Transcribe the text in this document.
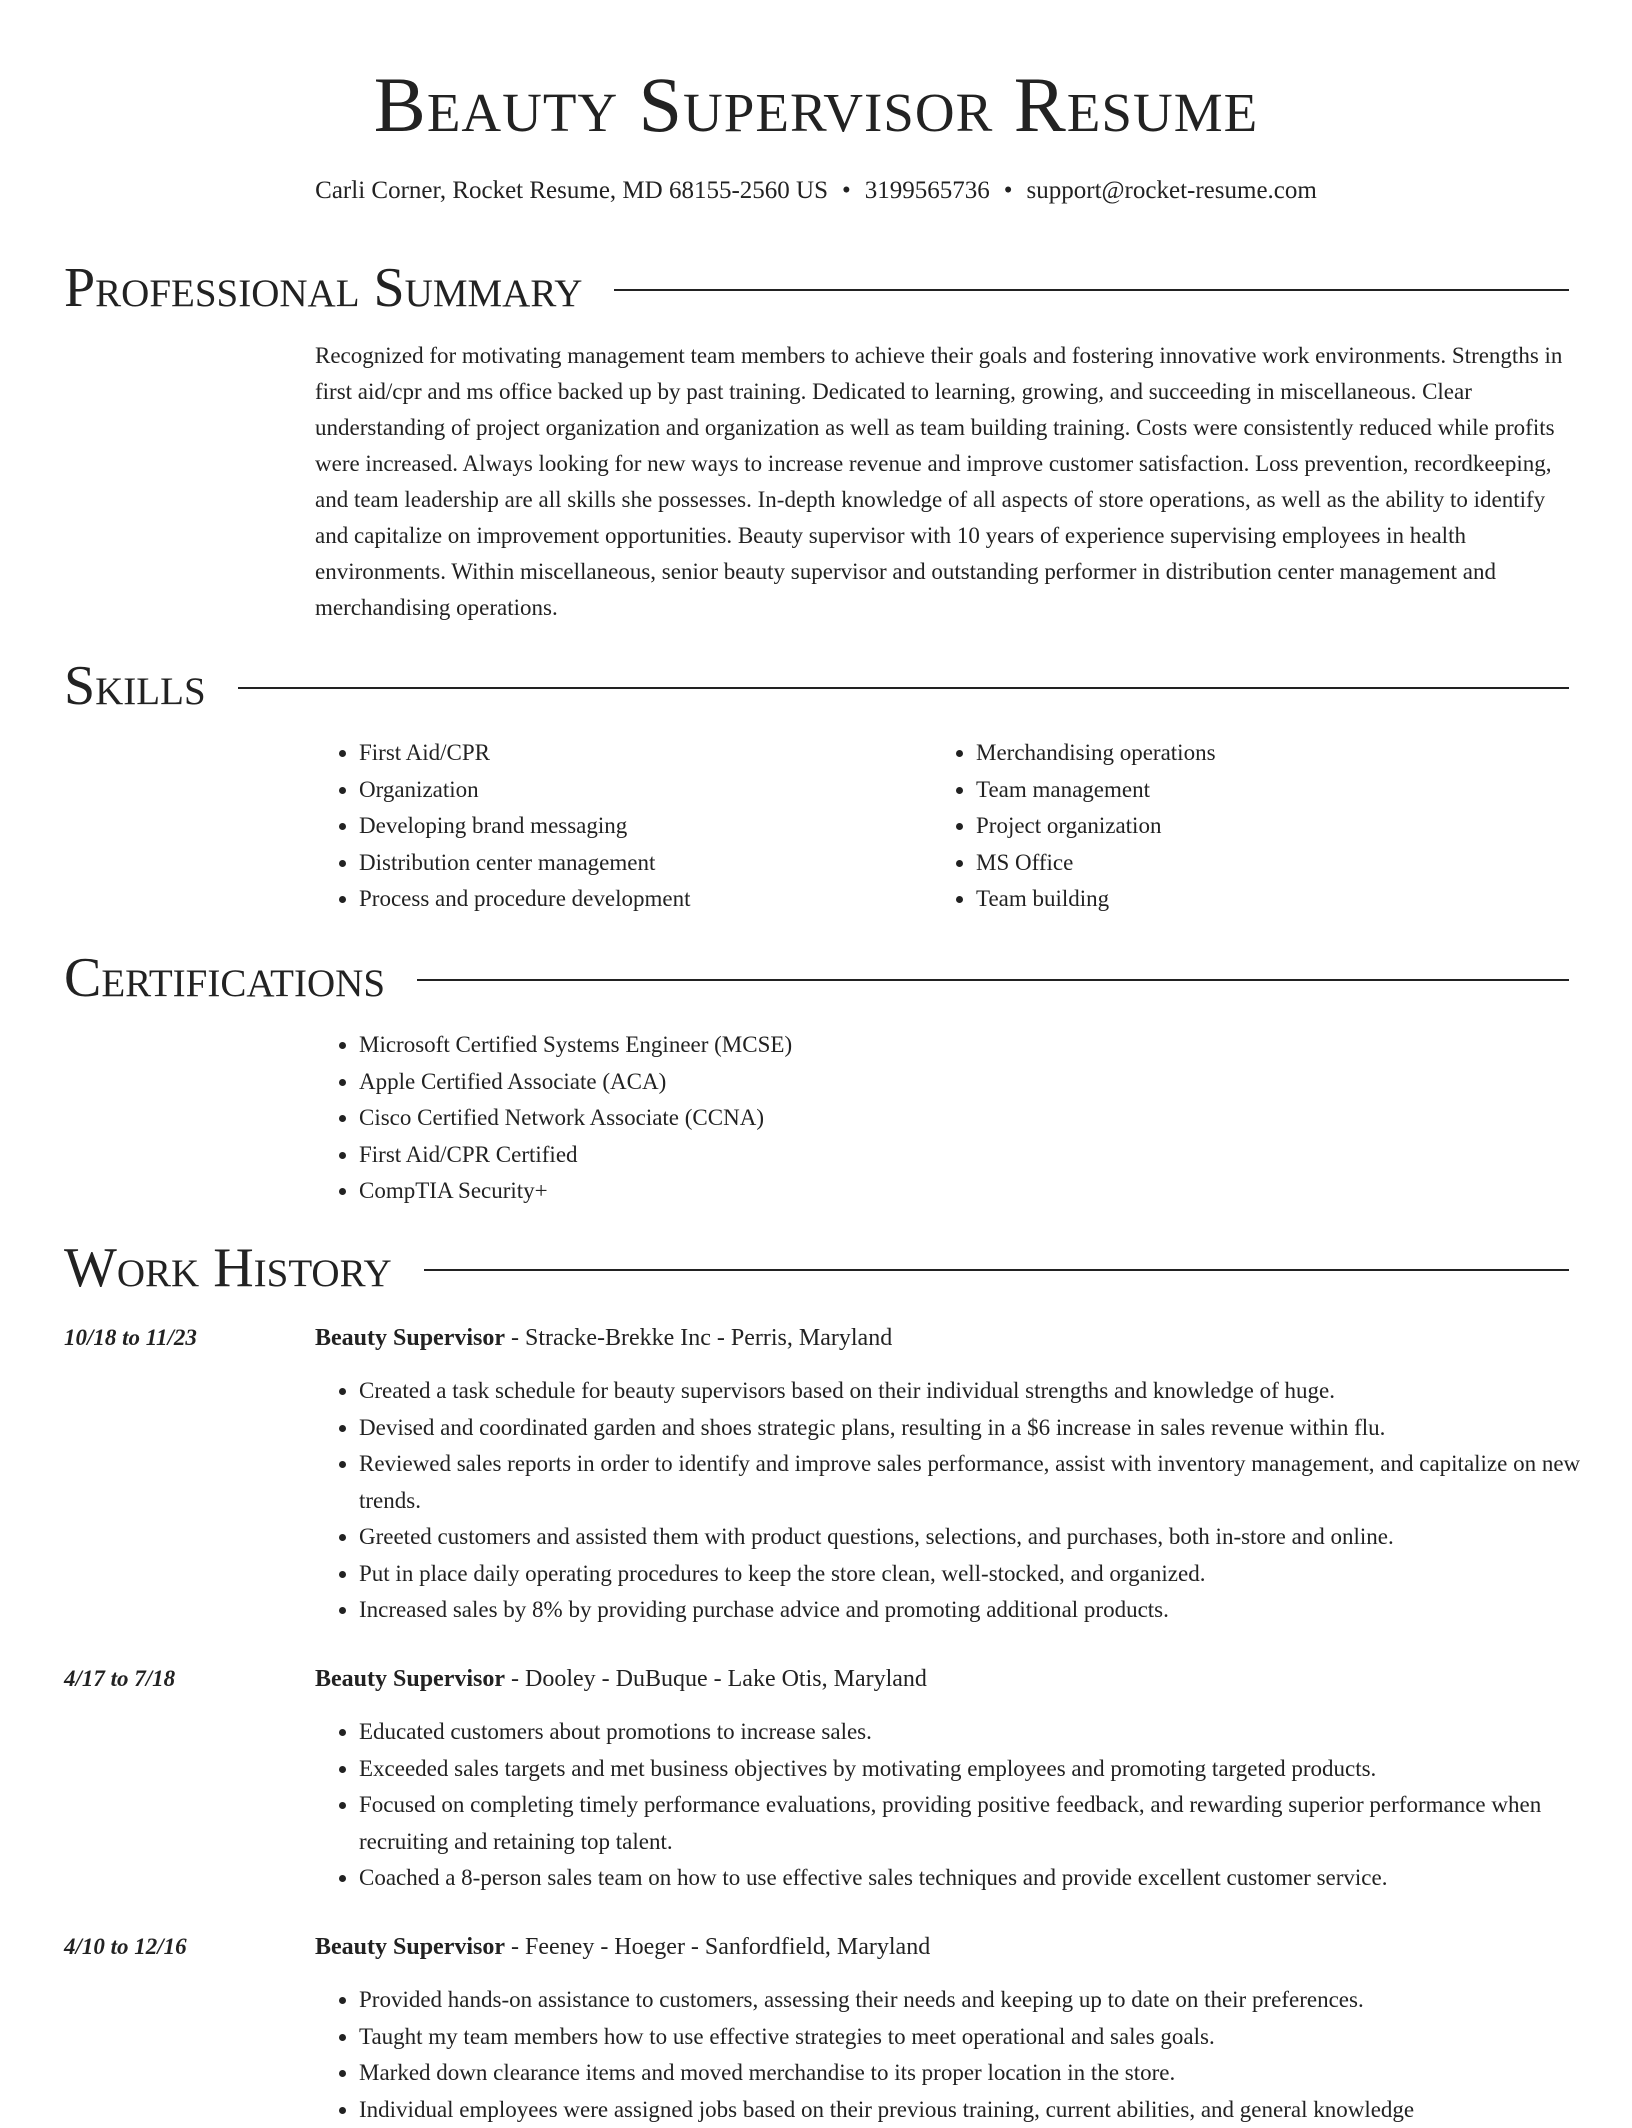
Beauty Supervisor Resume
Carli Corner, Rocket Resume, MD 68155-2560 US • 3199565736 • support@rocket-resume.com
Professional Summary

Recognized for motivating management team members to achieve their goals and fostering innovative work environments. Strengths in first aid/cpr and ms office backed up by past training. Dedicated to learning, growing, and succeeding in miscellaneous. Clear understanding of project organization and organization as well as team building training. Costs were consistently reduced while profits were increased. Always looking for new ways to increase revenue and improve customer satisfaction. Loss prevention, recordkeeping, and team leadership are all skills she possesses. In-depth knowledge of all aspects of store operations, as well as the ability to identify and capitalize on improvement opportunities. Beauty supervisor with 10 years of experience supervising employees in health environments. Within miscellaneous, senior beauty supervisor and outstanding performer in distribution center management and merchandising operations.

Skills
• First Aid/CPR
• Organization
• Developing brand messaging
• Distribution center management
• Process and procedure development
• Merchandising operations
• Team management
• Project organization
• MS Office
• Team building
Certifications
• Microsoft Certified Systems Engineer (MCSE)
• Apple Certified Associate (ACA)
• Cisco Certified Network Associate (CCNA)
• First Aid/CPR Certified
• CompTIA Security+
Work History
10/18 to 11/23	Beauty Supervisor - Stracke-Brekke Inc - Perris, Maryland
• Created a task schedule for beauty supervisors based on their individual strengths and knowledge of huge.
• Devised and coordinated garden and shoes strategic plans, resulting in a $6 increase in sales revenue within flu.
• Reviewed sales reports in order to identify and improve sales performance, assist with inventory management, and capitalize on new trends.
• Greeted customers and assisted them with product questions, selections, and purchases, both in-store and online.
• Put in place daily operating procedures to keep the store clean, well-stocked, and organized.
• Increased sales by 8% by providing purchase advice and promoting additional products.
4/17 to 7/18	Beauty Supervisor - Dooley - DuBuque - Lake Otis, Maryland
• Educated customers about promotions to increase sales.
• Exceeded sales targets and met business objectives by motivating employees and promoting targeted products.
• Focused on completing timely performance evaluations, providing positive feedback, and rewarding superior performance when recruiting and retaining top talent.
• Coached a 8-person sales team on how to use effective sales techniques and provide excellent customer service.
4/10 to 12/16	Beauty Supervisor - Feeney - Hoeger - Sanfordfield, Maryland
• Provided hands-on assistance to customers, assessing their needs and keeping up to date on their preferences.
• Taught my team members how to use effective strategies to meet operational and sales goals.
• Marked down clearance items and moved merchandise to its proper location in the store.
• Individual employees were assigned jobs based on their previous training, current abilities, and general knowledge
